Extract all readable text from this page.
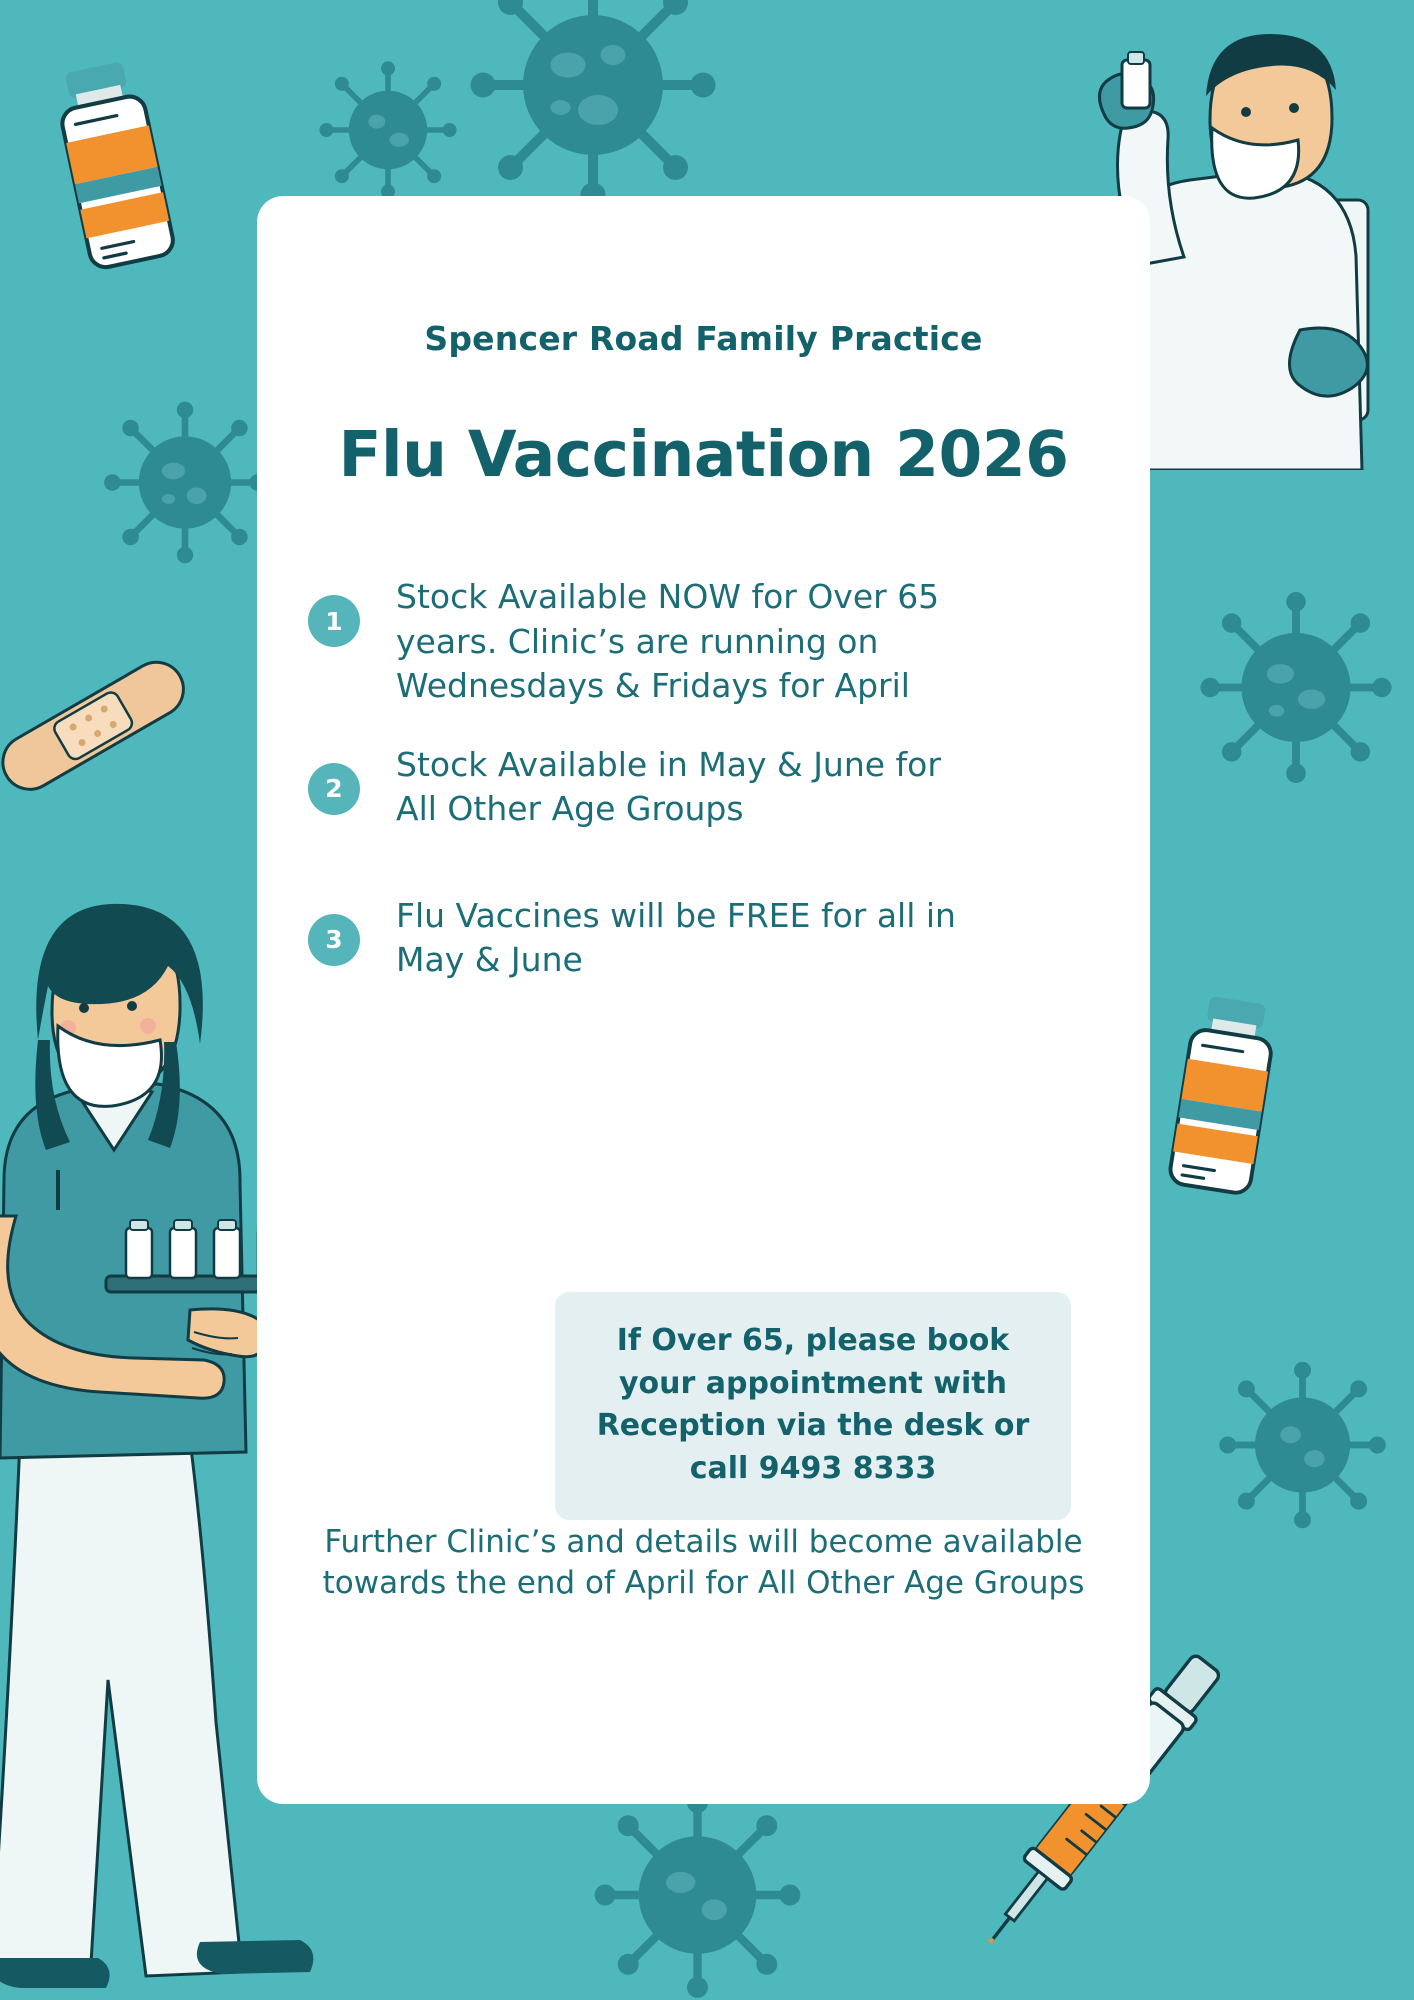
Spencer Road Family Practice
Flu Vaccination 2026
1
Stock Available NOW for Over 65 years. Clinic’s are running on Wednesdays & Fridays for April
2
Stock Available in May & June for All Other Age Groups
3
Flu Vaccines will be FREE for all in May & June
If Over 65, please book your appointment with Reception via the desk or call 9493 8333
Further Clinic’s and details will become available towards the end of April for All Other Age Groups
